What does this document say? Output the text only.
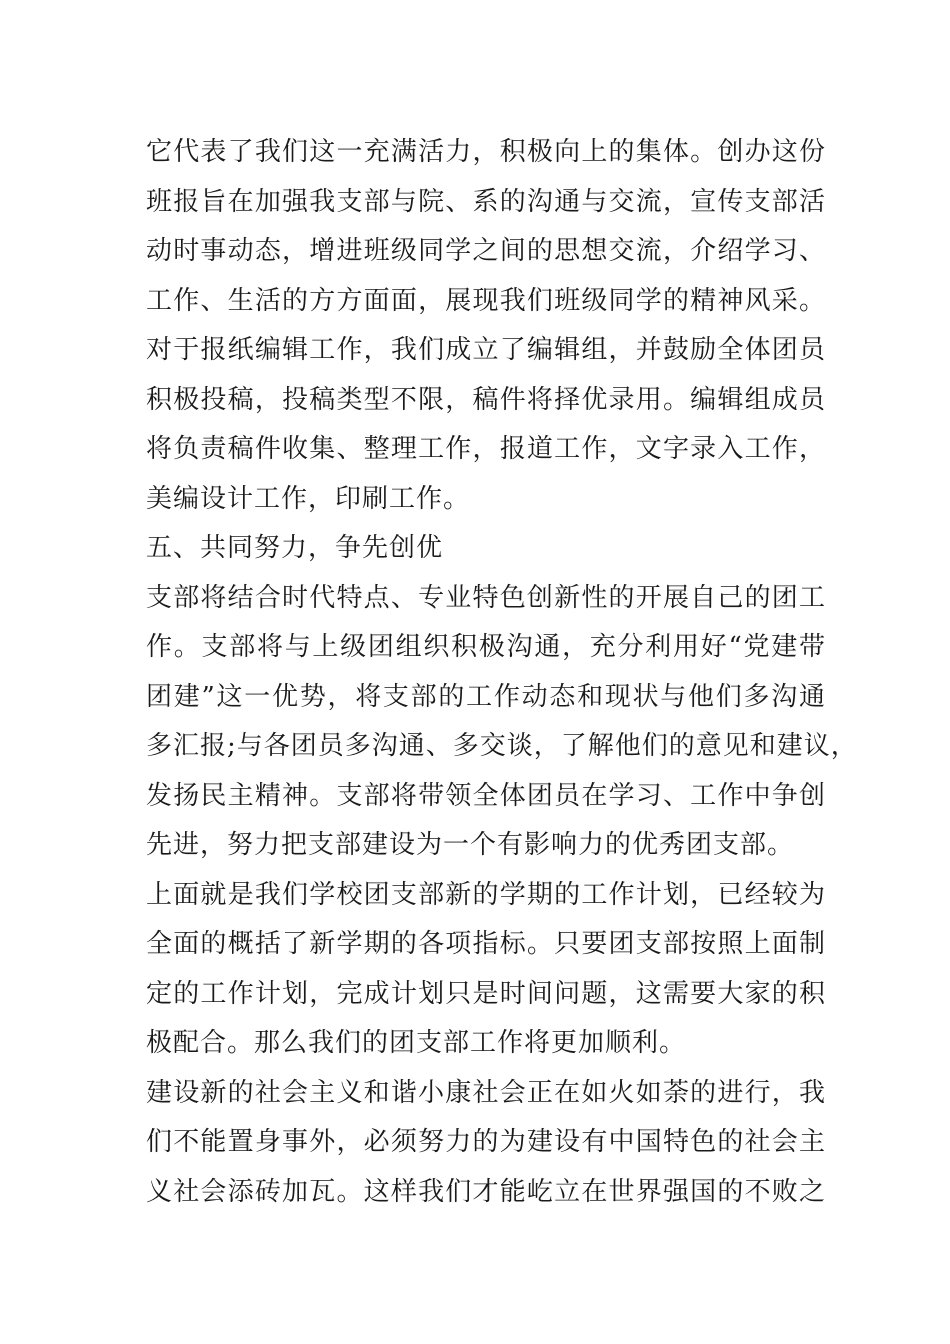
它代表了我们这一充满活力，积极向上的集体。创办这份
班报旨在加强我支部与院、系的沟通与交流，宣传支部活
动时事动态，增进班级同学之间的思想交流，介绍学习、
工作、生活的方方面面，展现我们班级同学的精神风采。
对于报纸编辑工作，我们成立了编辑组，并鼓励全体团员
积极投稿，投稿类型不限，稿件将择优录用。编辑组成员
将负责稿件收集、整理工作，报道工作，文字录入工作，
美编设计工作，印刷工作。
五、共同努力，争先创优
支部将结合时代特点、专业特色创新性的开展自己的团工
作。支部将与上级团组织积极沟通，充分利用好“党建带
团建”这一优势，将支部的工作动态和现状与他们多沟通
多汇报;与各团员多沟通、多交谈，了解他们的意见和建议，
发扬民主精神。支部将带领全体团员在学习、工作中争创
先进，努力把支部建设为一个有影响力的优秀团支部。
上面就是我们学校团支部新的学期的工作计划，已经较为
全面的概括了新学期的各项指标。只要团支部按照上面制
定的工作计划，完成计划只是时间问题，这需要大家的积
极配合。那么我们的团支部工作将更加顺利。
建设新的社会主义和谐小康社会正在如火如荼的进行，我
们不能置身事外，必须努力的为建设有中国特色的社会主
义社会添砖加瓦。这样我们才能屹立在世界强国的不败之
